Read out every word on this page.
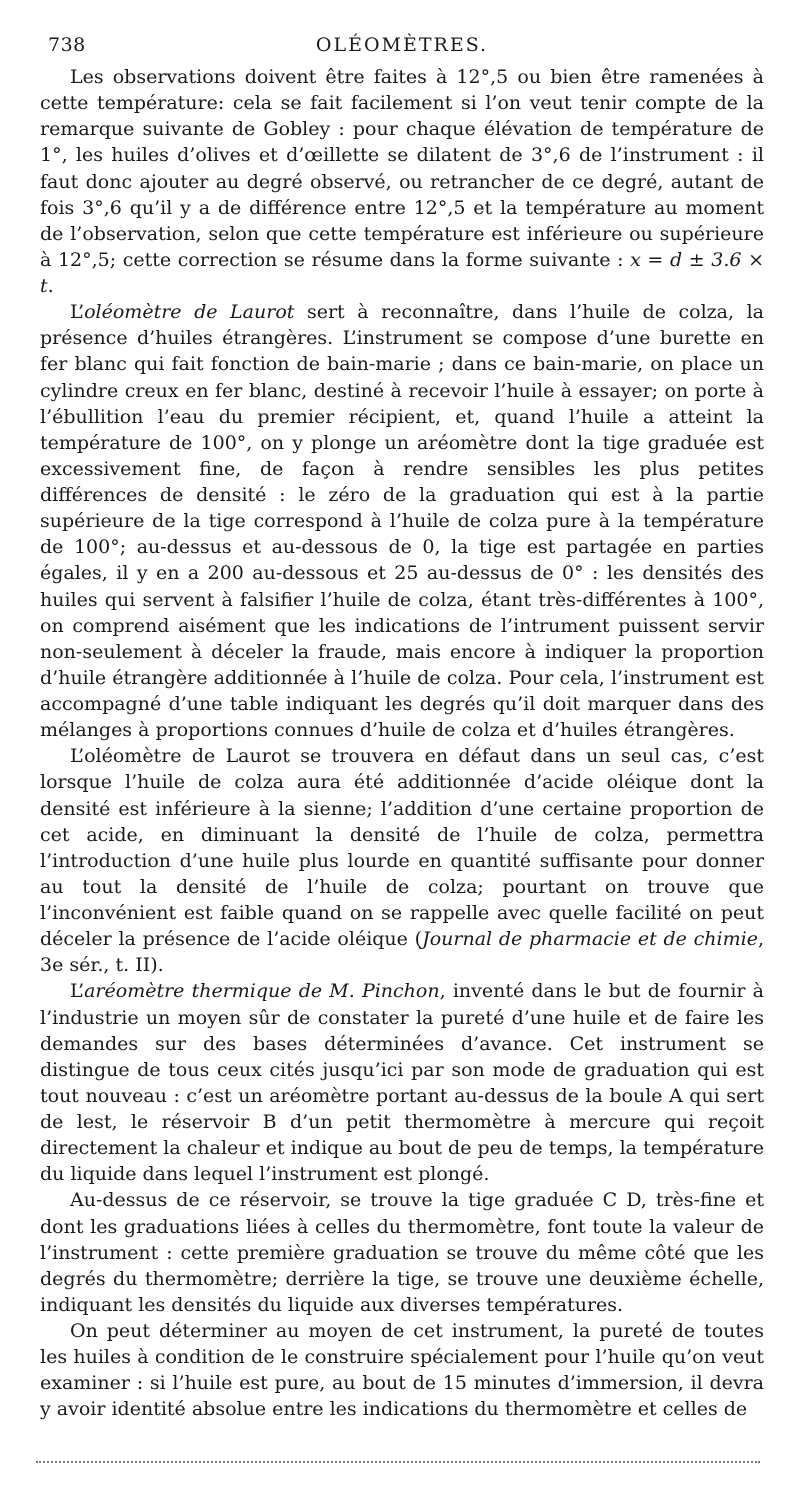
738	OLÉOMÈTRES.

Les observations doivent être faites à 12°,5 ou bien être ramenées à cette température: cela se fait facilement si l’on veut tenir compte de la remarque suivante de Gobley : pour chaque élévation de température de 1°, les huiles d’olives et d’œillette se dilatent de 3°,6 de l’instrument : il faut donc ajouter au degré observé, ou retrancher de ce degré, autant de fois 3°,6 qu’il y a de différence entre 12°,5 et la température au moment de l’observation, selon que cette température est inférieure ou supérieure à 12°,5; cette correction se résume dans la forme suivante : x = d ± 3.6 × t.

L’oléomètre de Laurot sert à reconnaître, dans l’huile de colza, la présence d’huiles étrangères. L’instrument se compose d’une burette en fer blanc qui fait fonction de bain-marie ; dans ce bain-marie, on place un cylindre creux en fer blanc, destiné à recevoir l’huile à essayer; on porte à l’ébullition l’eau du premier récipient, et, quand l’huile a atteint la température de 100°, on y plonge un aréomètre dont la tige graduée est excessivement fine, de façon à rendre sensibles les plus petites différences de densité : le zéro de la graduation qui est à la partie supérieure de la tige correspond à l’huile de colza pure à la température de 100°; au-dessus et au-dessous de 0, la tige est partagée en parties égales, il y en a 200 au-dessous et 25 au-dessus de 0° : les densités des huiles qui servent à falsifier l’huile de colza, étant très-différentes à 100°, on comprend aisément que les indications de l’intrument puissent servir non-seulement à déceler la fraude, mais encore à indiquer la proportion d’huile étrangère additionnée à l’huile de colza. Pour cela, l’instrument est accompagné d’une table indiquant les degrés qu’il doit marquer dans des mélanges à proportions connues d’huile de colza et d’huiles étrangères.

L’oléomètre de Laurot se trouvera en défaut dans un seul cas, c’est lorsque l’huile de colza aura été additionnée d’acide oléique dont la densité est inférieure à la sienne; l’addition d’une certaine proportion de cet acide, en diminuant la densité de l’huile de colza, permettra l’introduction d’une huile plus lourde en quantité suffisante pour donner au tout la densité de l’huile de colza; pourtant on trouve que l’inconvénient est faible quand on se rappelle avec quelle facilité on peut déceler la présence de l’acide oléique (Journal de pharmacie et de chimie, 3e sér., t. II).

L’aréomètre thermique de M. Pinchon, inventé dans le but de fournir à l’industrie un moyen sûr de constater la pureté d’une huile et de faire les demandes sur des bases déterminées d’avance. Cet instrument se distingue de tous ceux cités jusqu’ici par son mode de graduation qui est tout nouveau : c’est un aréomètre portant au-dessus de la boule A qui sert de lest, le réservoir B d’un petit thermomètre à mercure qui reçoit directement la chaleur et indique au bout de peu de temps, la température du liquide dans lequel l’instrument est plongé.

Au-dessus de ce réservoir, se trouve la tige graduée C D, très-fine et dont les graduations liées à celles du thermomètre, font toute la valeur de l’instrument : cette première graduation se trouve du même côté que les degrés du thermomètre; derrière la tige, se trouve une deuxième échelle, indiquant les densités du liquide aux diverses températures.

On peut déterminer au moyen de cet instrument, la pureté de toutes les huiles à condition de le construire spécialement pour l’huile qu’on veut examiner : si l’huile est pure, au bout de 15 minutes d’immersion, il devra y avoir identité absolue entre les indications du thermomètre et celles de
